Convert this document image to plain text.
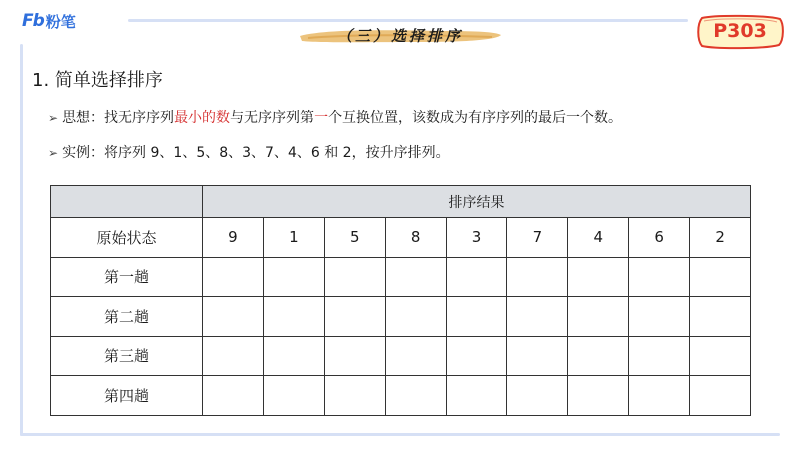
Fb 粉笔
（三）选择排序	P303
1. 简单选择排序
➢ 思想：找无序序列最小的数与无序序列第一个互换位置，该数成为有序序列的最后一个数。
➢ 实例：将序列 9、1、5、8、3、7、4、6 和 2，按升序排列。
	排序结果								
原始状态	9	1	5	8	3	7	4	6	2
第一趟									
第二趟									
第三趟									
第四趟									
